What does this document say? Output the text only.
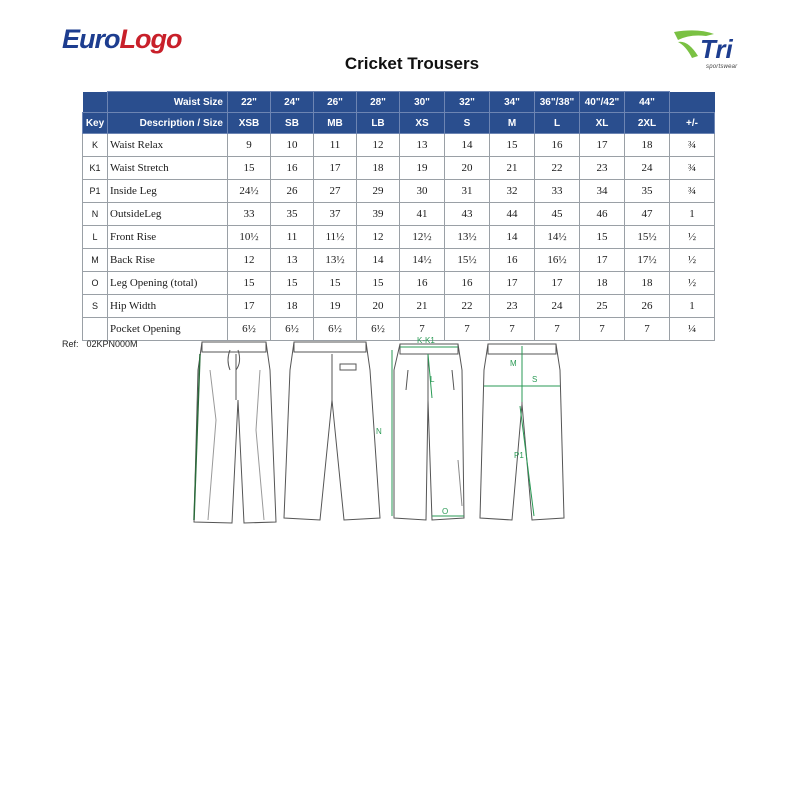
EuroLogo	Tri
sportswear
Cricket Trousers
	Waist Size	22"	24"	26"	28"	30"	32"	34"	36"/38"	40"/42"	44"	
Key	Description / Size	XSB	SB	MB	LB	XS	S	M	L	XL	2XL	+/-
K	Waist Relax	9	10	11	12	13	14	15	16	17	18	¾
K1	Waist Stretch	15	16	17	18	19	20	21	22	23	24	¾
P1	Inside Leg	24½	26	27	29	30	31	32	33	34	35	¾
N	OutsideLeg	33	35	37	39	41	43	44	45	46	47	1
L	Front Rise	10½	11	11½	12	12½	13½	14	14½	15	15½	½
M	Back Rise	12	13	13½	14	14½	15½	16	16½	17	17½	½
O	Leg Opening (total)	15	15	15	15	16	16	17	17	18	18	½
S	Hip Width	17	18	19	20	21	22	23	24	25	26	1
	Pocket Opening	6½	6½	6½	6½	7	7	7	7	7	7	¼
Ref: 02KPN000M	K-K1
L
N
O
M
S
P1
